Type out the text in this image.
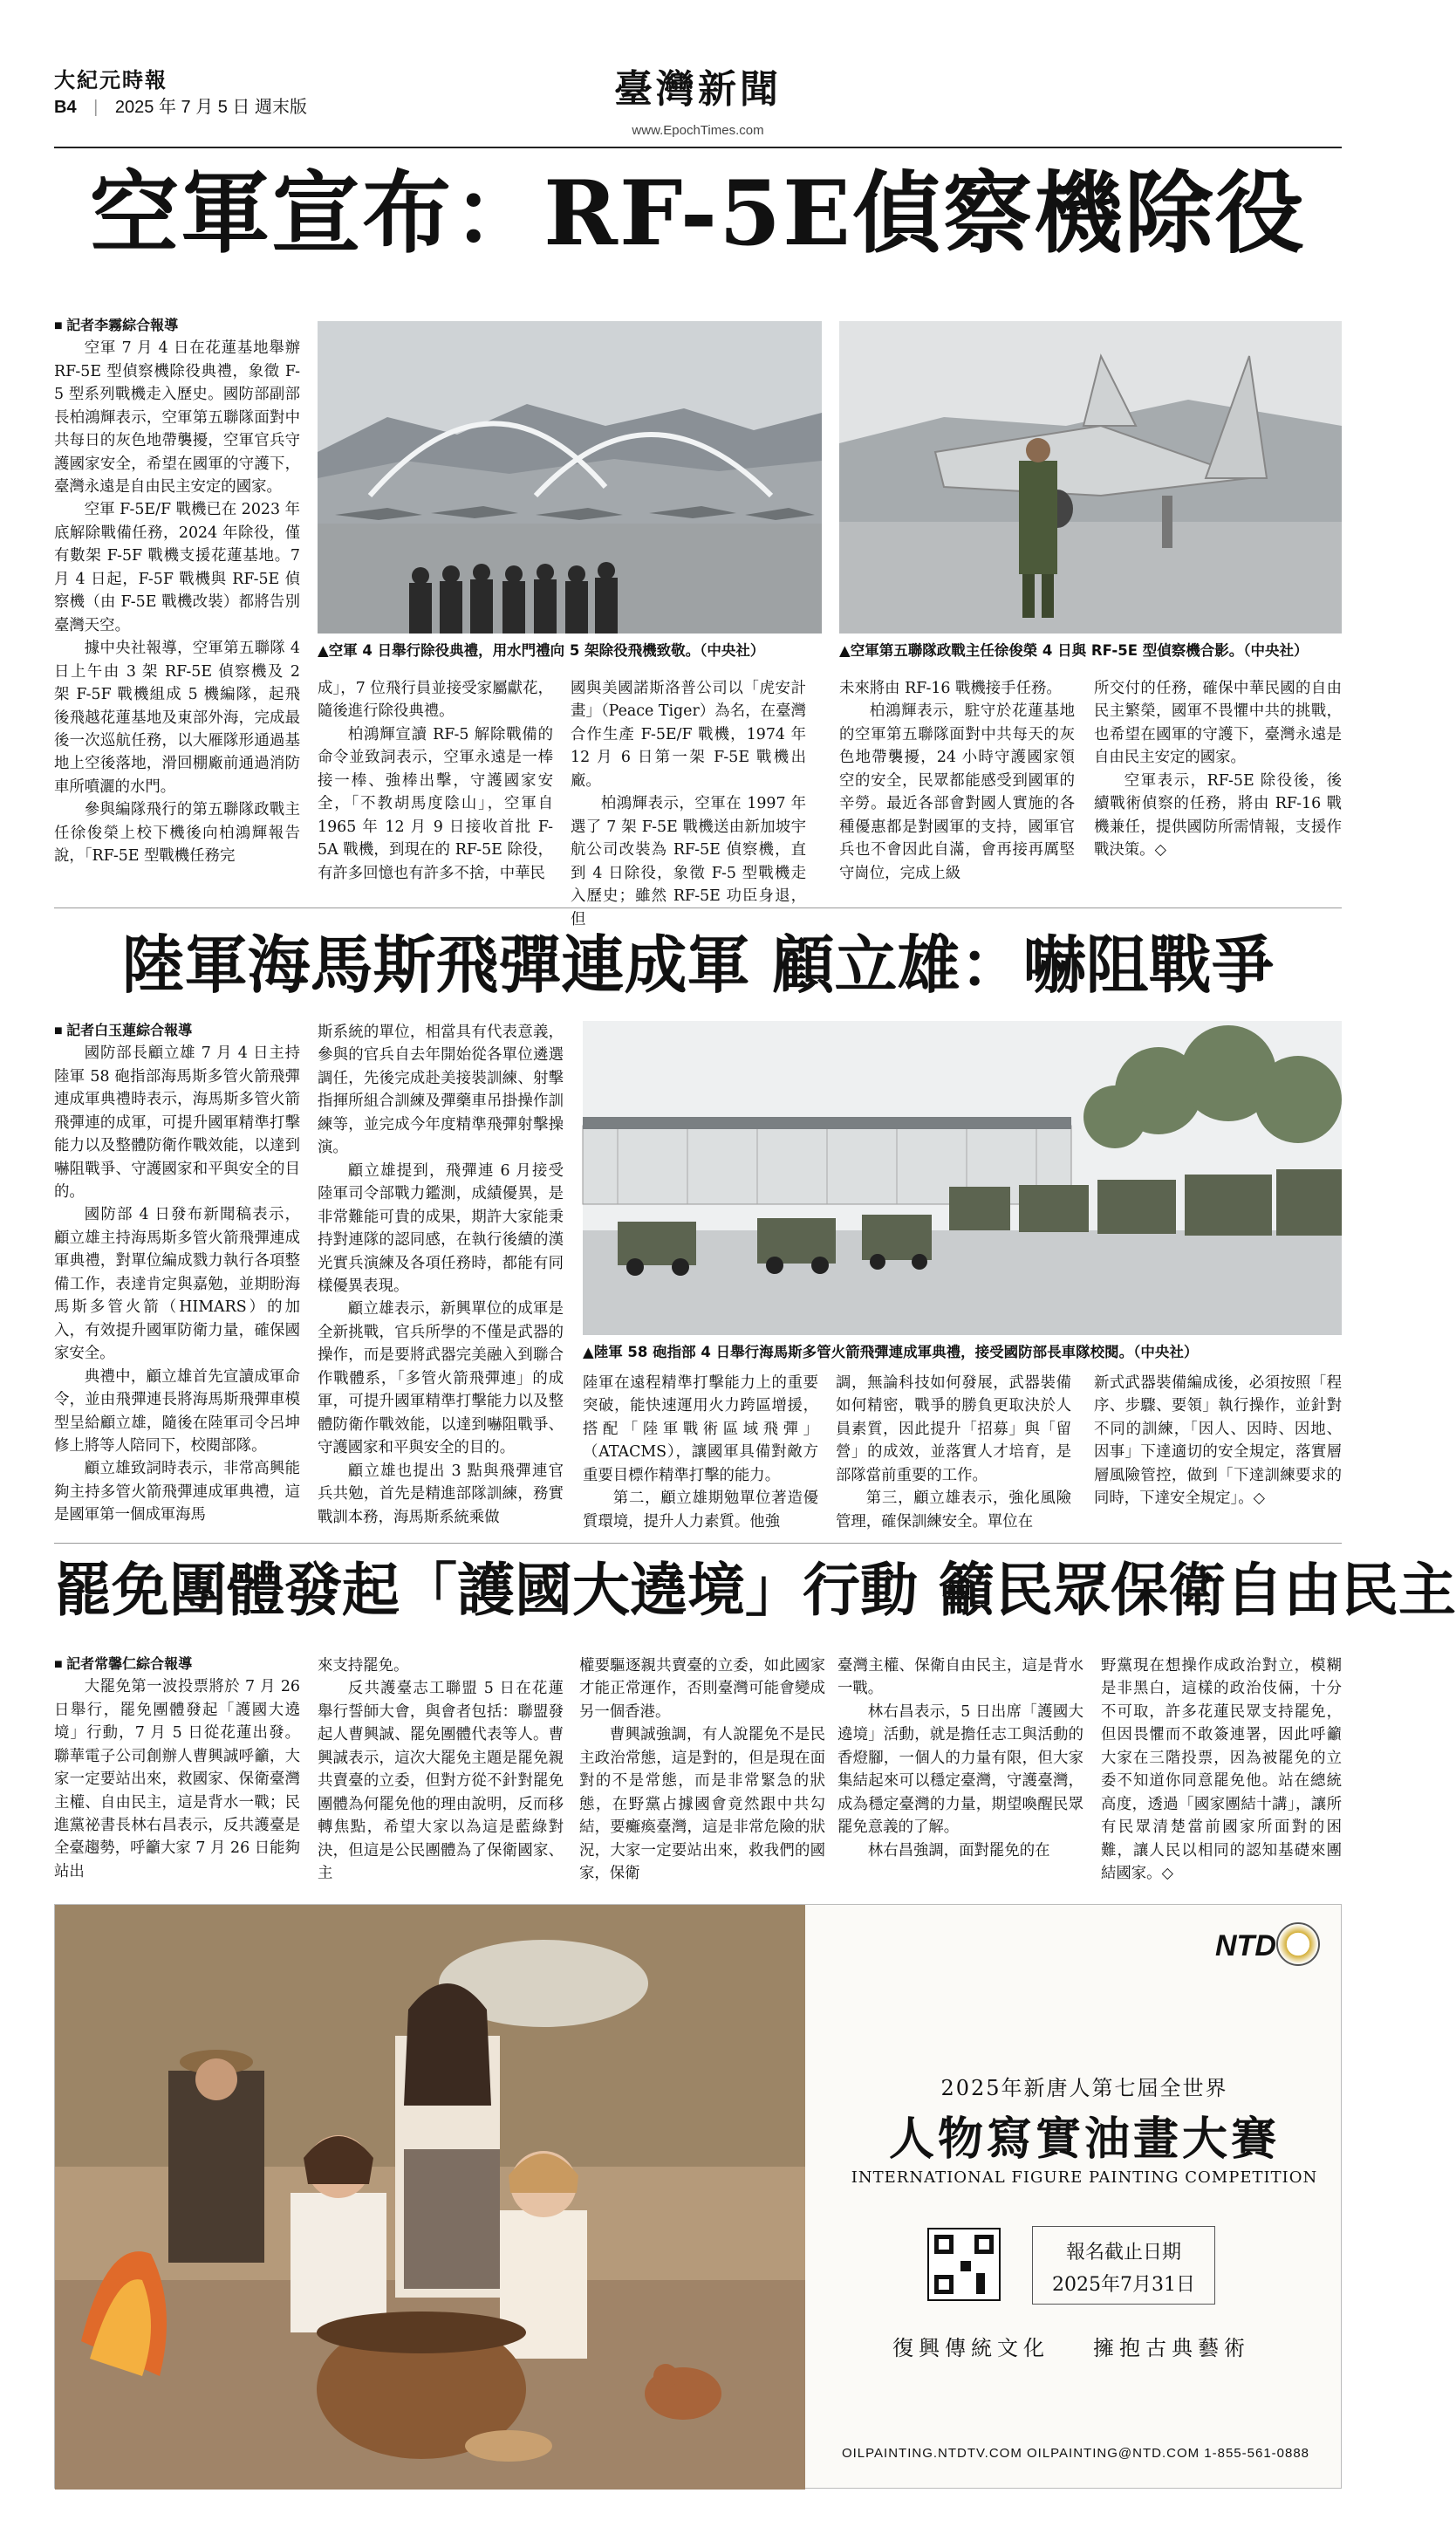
大紀元時報
B4 | 2025 年 7 月 5 日 週末版	臺灣新聞
www.EpochTimes.com
空軍宣布：RF-5E偵察機除役

■ 記者李霧綜合報導

空軍 7 月 4 日在花蓮基地舉辦 RF-5E 型偵察機除役典禮，象徵 F-5 型系列戰機走入歷史。國防部副部長柏鴻輝表示，空軍第五聯隊面對中共每日的灰色地帶襲擾，空軍官兵守護國家安全，希望在國軍的守護下，臺灣永遠是自由民主安定的國家。

空軍 F-5E/F 戰機已在 2023 年底解除戰備任務，2024 年除役，僅有數架 F-5F 戰機支援花蓮基地。7 月 4 日起，F-5F 戰機與 RF-5E 偵察機（由 F-5E 戰機改裝）都將告別臺灣天空。

據中央社報導，空軍第五聯隊 4 日上午由 3 架 RF-5E 偵察機及 2 架 F-5F 戰機組成 5 機編隊，起飛後飛越花蓮基地及東部外海，完成最後一次巡航任務，以大雁隊形通過基地上空後落地，滑回棚廠前通過消防車所噴灑的水門。

參與編隊飛行的第五聯隊政戰主任徐俊榮上校下機後向柏鴻輝報告說，「RF-5E 型戰機任務完

▲空軍 4 日舉行除役典禮，用水門禮向 5 架除役飛機致敬。（中央社）	▲空軍第五聯隊政戰主任徐俊榮 4 日與 RF-5E 型偵察機合影。（中央社）

成」，7 位飛行員並接受家屬獻花，隨後進行除役典禮。

柏鴻輝宣讀 RF-5 解除戰備的命令並致詞表示，空軍永遠是一棒接一棒、強棒出擊，守護國家安全，「不教胡馬度陰山」，空軍自 1965 年 12 月 9 日接收首批 F-5A 戰機，到現在的 RF-5E 除役，有許多回憶也有許多不捨，中華民

國與美國諾斯洛普公司以「虎安計畫」（Peace Tiger）為名，在臺灣合作生產 F-5E/F 戰機，1974 年 12 月 6 日第一架 F-5E 戰機出廠。

柏鴻輝表示，空軍在 1997 年選了 7 架 F-5E 戰機送由新加坡宇航公司改裝為 RF-5E 偵察機，直到 4 日除役，象徵 F-5 型戰機走入歷史；雖然 RF-5E 功臣身退，但

未來將由 RF-16 戰機接手任務。

柏鴻輝表示，駐守於花蓮基地的空軍第五聯隊面對中共每天的灰色地帶襲擾，24 小時守護國家領空的安全，民眾都能感受到國軍的辛勞。最近各部會對國人實施的各種優惠都是對國軍的支持，國軍官兵也不會因此自滿，會再接再厲堅守崗位，完成上級

所交付的任務，確保中華民國的自由民主繁榮，國軍不畏懼中共的挑戰，也希望在國軍的守護下，臺灣永遠是自由民主安定的國家。

空軍表示，RF-5E 除役後，後續戰術偵察的任務，將由 RF-16 戰機兼任，提供國防所需情報，支援作戰決策。◇

陸軍海馬斯飛彈連成軍 顧立雄：嚇阻戰爭

■ 記者白玉蓮綜合報導

國防部長顧立雄 7 月 4 日主持陸軍 58 砲指部海馬斯多管火箭飛彈連成軍典禮時表示，海馬斯多管火箭飛彈連的成軍，可提升國軍精準打擊能力以及整體防衛作戰效能，以達到嚇阻戰爭、守護國家和平與安全的目的。

國防部 4 日發布新聞稿表示，顧立雄主持海馬斯多管火箭飛彈連成軍典禮，對單位編成戮力執行各項整備工作，表達肯定與嘉勉，並期盼海馬斯多管火箭（HIMARS）的加入，有效提升國軍防衛力量，確保國家安全。

典禮中，顧立雄首先宣讀成軍命令，並由飛彈連長將海馬斯飛彈車模型呈給顧立雄，隨後在陸軍司令呂坤修上將等人陪同下，校閱部隊。

顧立雄致詞時表示，非常高興能夠主持多管火箭飛彈連成軍典禮，這是國軍第一個成軍海馬

斯系統的單位，相當具有代表意義，參與的官兵自去年開始從各單位遴選調任，先後完成赴美接裝訓練、射擊指揮所組合訓練及彈藥車吊掛操作訓練等，並完成今年度精準飛彈射擊操演。

顧立雄提到，飛彈連 6 月接受陸軍司令部戰力鑑測，成績優異，是非常難能可貴的成果，期許大家能秉持對連隊的認同感，在執行後續的漢光實兵演練及各項任務時，都能有同樣優異表現。

顧立雄表示，新興單位的成軍是全新挑戰，官兵所學的不僅是武器的操作，而是要將武器完美融入到聯合作戰體系，「多管火箭飛彈連」的成軍，可提升國軍精準打擊能力以及整體防衛作戰效能，以達到嚇阻戰爭、守護國家和平與安全的目的。

顧立雄也提出 3 點與飛彈連官兵共勉，首先是精進部隊訓練，務實戰訓本務，海馬斯系統乘做

▲陸軍 58 砲指部 4 日舉行海馬斯多管火箭飛彈連成軍典禮，接受國防部長車隊校閱。（中央社）

陸軍在遠程精準打擊能力上的重要突破，能快速運用火力跨區增援，搭配「陸軍戰術區域飛彈」（ATACMS），讓國軍具備對敵方重要目標作精準打擊的能力。

第二，顧立雄期勉單位著造優質環境，提升人力素質。他強

調，無論科技如何發展，武器裝備如何精密，戰爭的勝負更取決於人員素質，因此提升「招募」與「留營」的成效，並落實人才培育，是部隊當前重要的工作。

第三，顧立雄表示，強化風險管理，確保訓練安全。單位在

新式武器裝備編成後，必須按照「程序、步驟、要領」執行操作，並針對不同的訓練，「因人、因時、因地、因事」下達適切的安全規定，落實層層風險管控，做到「下達訓練要求的同時，下達安全規定」。◇

罷免團體發起「護國大遶境」行動 籲民眾保衛自由民主

■ 記者常馨仁綜合報導

大罷免第一波投票將於 7 月 26 日舉行，罷免團體發起「護國大遶境」行動，7 月 5 日從花蓮出發。聯華電子公司創辦人曹興誠呼籲，大家一定要站出來，救國家、保衛臺灣主權、自由民主，這是背水一戰；民進黨祕書長林右昌表示，反共護臺是全臺趨勢，呼籲大家 7 月 26 日能夠站出

來支持罷免。

反共護臺志工聯盟 5 日在花蓮舉行誓師大會，與會者包括：聯盟發起人曹興誠、罷免團體代表等人。曹興誠表示，這次大罷免主題是罷免親共賣臺的立委，但對方從不針對罷免團體為何罷免他的理由說明，反而移轉焦點，希望大家以為這是藍綠對決，但這是公民團體為了保衛國家、主

權要驅逐親共賣臺的立委，如此國家才能正常運作，否則臺灣可能會變成另一個香港。

曹興誠強調，有人說罷免不是民主政治常態，這是對的，但是現在面對的不是常態，而是非常緊急的狀態，在野黨占據國會竟然跟中共勾結，要癱瘓臺灣，這是非常危險的狀況，大家一定要站出來，救我們的國家，保衛

臺灣主權、保衛自由民主，這是背水一戰。

林右昌表示，5 日出席「護國大遶境」活動，就是擔任志工與活動的香燈腳，一個人的力量有限，但大家集結起來可以穩定臺灣，守護臺灣，成為穩定臺灣的力量，期望喚醒民眾罷免意義的了解。

林右昌強調，面對罷免的在

野黨現在想操作成政治對立，模糊是非黑白，這樣的政治伎倆，十分不可取，許多花蓮民眾支持罷免，但因畏懼而不敢簽連署，因此呼籲大家在三階投票，因為被罷免的立委不知道你同意罷免他。站在總統高度，透過「國家團結十講」，讓所有民眾清楚當前國家所面對的困難，讓人民以相同的認知基礎來團結國家。◇

NTD
2025年新唐人第七屆全世界
人物寫實油畫大賽
INTERNATIONAL FIGURE PAINTING COMPETITION
報名截止日期
2025年7月31日
復興傳統文化 擁抱古典藝術
OILPAINTING.NTDTV.COM OILPAINTING@NTD.COM 1-855-561-0888
